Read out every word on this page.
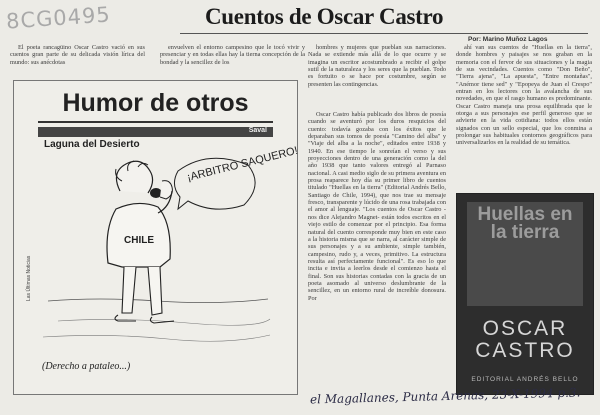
8CG0495	Cuentos de Oscar Castro
Por: Marino Muñoz Lagos

El poeta rancagüino Oscar Castro vació en sus cuentos gran parte de su delicada visión lírica del mundo: sus anécdotas

envuelven el entorno campesino que le tocó vivir y presenciar y en todas ellas hay la tierna concepción de la bondad y la sencillez de los

hombres y mujeres que pueblan sus narraciones. Nada se extiende más allá de lo que ocurre y se imagina un escritor acostumbrado a recibir el golpe sutil de la naturaleza y los seres que la pueblan. Todo es fortuito o se hace por costumbre, según se presenten las contingencias.

Oscar Castro había publicado dos libros de poesía cuando se aventuró por los duros resquicios del cuento: todavía gozaba con los éxitos que le deparaban sus tomos de poesía "Camino del alba" y "Viaje del alba a la noche", editados entre 1938 y 1940. En ese tiempo le sonreían el verso y sus proyecciones dentro de una generación como la del año 1938 que tanto valores entregó al Parnaso nacional. A casi medio siglo de su primera aventura en prosa reaparece hoy día su primer libro de cuentos titulado "Huellas en la tierra" (Editorial Andrés Bello, Santiago de Chile, 1994), que nos trae su mensaje fresco, transparente y lúcido de una rosa trabajada con el amor al lenguaje. "Los cuentos de Oscar Castro -nos dice Alejandro Magnet- están todos escritos en el viejo estilo de comenzar por el principio. Esa forma natural del cuento corresponde muy bien en este caso a la historia misma que se narra, al carácter simple de sus personajes y a su ambiente, simple también, campesino, rudo y, a veces, primitivo. La estructura resulta así perfectamente funcional". Es eso lo que incita e invita a leerlos desde el comienzo hasta el final. Son sus historias contadas con la gracia de un poeta asomado al universo deslumbrante de la sencillez, en un entorno rural de increíble donosura. Por

ahí van sus cuentos de "Huellas en la tierra", donde hombres y paisajes se nos graban en la memoria con el fervor de sus situaciones y la magia de sus vecindades. Cuentos como "Don Beño", "Tierra ajena", "La apuesta", "Entre montañas", "Anémor tiene sed" y "Epopeya de Juan el Crespo" entran en los lectores con la avalancha de sus novedades, en que el rasgo humano es predominante. Oscar Castro maneja una prosa equilibrada que le otorga a sus personajes ese perfil generoso que se advierte en la vida cotidiana: todos ellos están signados con un sello especial, que los conmina a prolongar sus habituales contornos geográficos para universalizarlos en la realidad de su temática.

Humor de otros
Saval
Laguna del Desierto
CHILE
¡ARBITRO SAQUERO!
Las Últimas Noticias
(Derecho a pataleo...)
Huellas en la tierra
OSCAR
CASTRO
EDITORIAL ANDRÉS BELLO
el Magallanes, Punta Arenas, 23-X-1994 p.3.
